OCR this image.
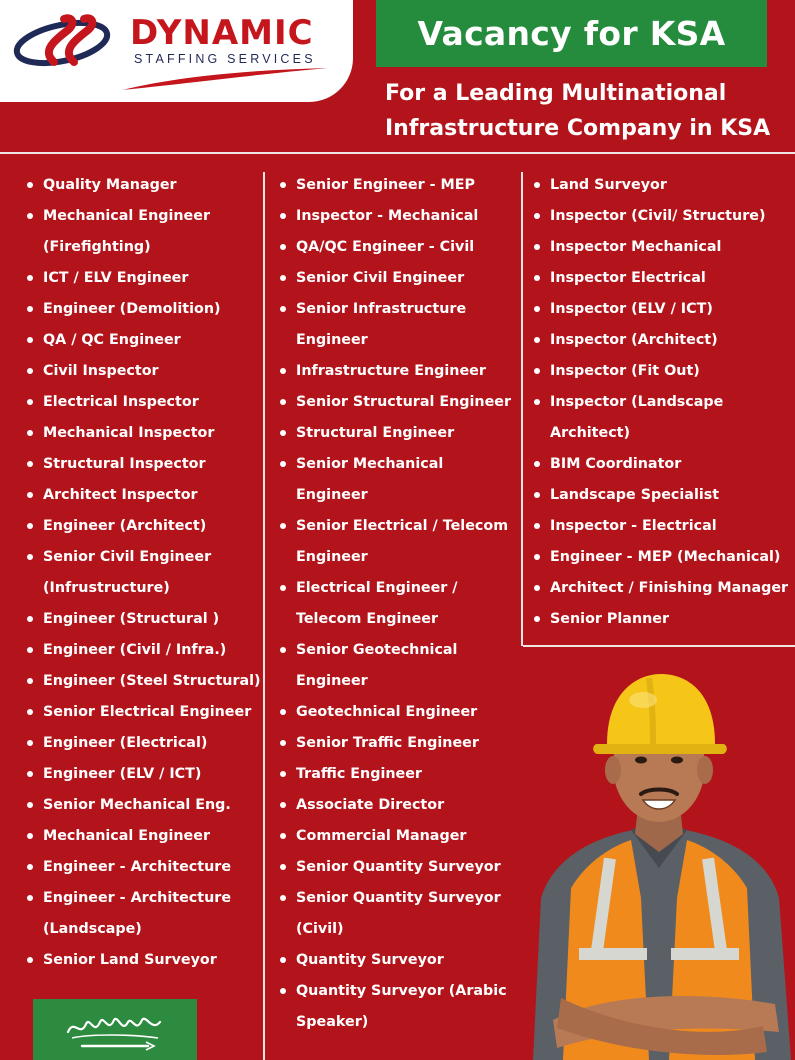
DYNAMIC
STAFFING SERVICES
Vacancy for KSA
For a Leading Multinational
Infrastructure Company in KSA
Quality Manager
Mechanical Engineer
(Firefighting)
ICT / ELV Engineer
Engineer (Demolition)
QA / QC Engineer
Civil Inspector
Electrical Inspector
Mechanical Inspector
Structural Inspector
Architect Inspector
Engineer (Architect)
Senior Civil Engineer
(Infrustructure)
Engineer (Structural )
Engineer (Civil / Infra.)
Engineer (Steel Structural)
Senior Electrical Engineer
Engineer (Electrical)
Engineer (ELV / ICT)
Senior Mechanical Eng.
Mechanical Engineer
Engineer - Architecture
Engineer - Architecture
(Landscape)
Senior Land Surveyor
Senior Engineer - MEP
Inspector - Mechanical
QA/QC Engineer - Civil
Senior Civil Engineer
Senior Infrastructure
Engineer
Infrastructure Engineer
Senior Structural Engineer
Structural Engineer
Senior Mechanical
Engineer
Senior Electrical / Telecom
Engineer
Electrical Engineer /
Telecom Engineer
Senior Geotechnical
Engineer
Geotechnical Engineer
Senior Traffic Engineer
Traffic Engineer
Associate Director
Commercial Manager
Senior Quantity Surveyor
Senior Quantity Surveyor
(Civil)
Quantity Surveyor
Quantity Surveyor (Arabic
Speaker)
Land Surveyor
Inspector (Civil/ Structure)
Inspector Mechanical
Inspector Electrical
Inspector (ELV / ICT)
Inspector (Architect)
Inspector (Fit Out)
Inspector (Landscape
Architect)
BIM Coordinator
Landscape Specialist
Inspector - Electrical
Engineer - MEP (Mechanical)
Architect / Finishing Manager
Senior Planner
